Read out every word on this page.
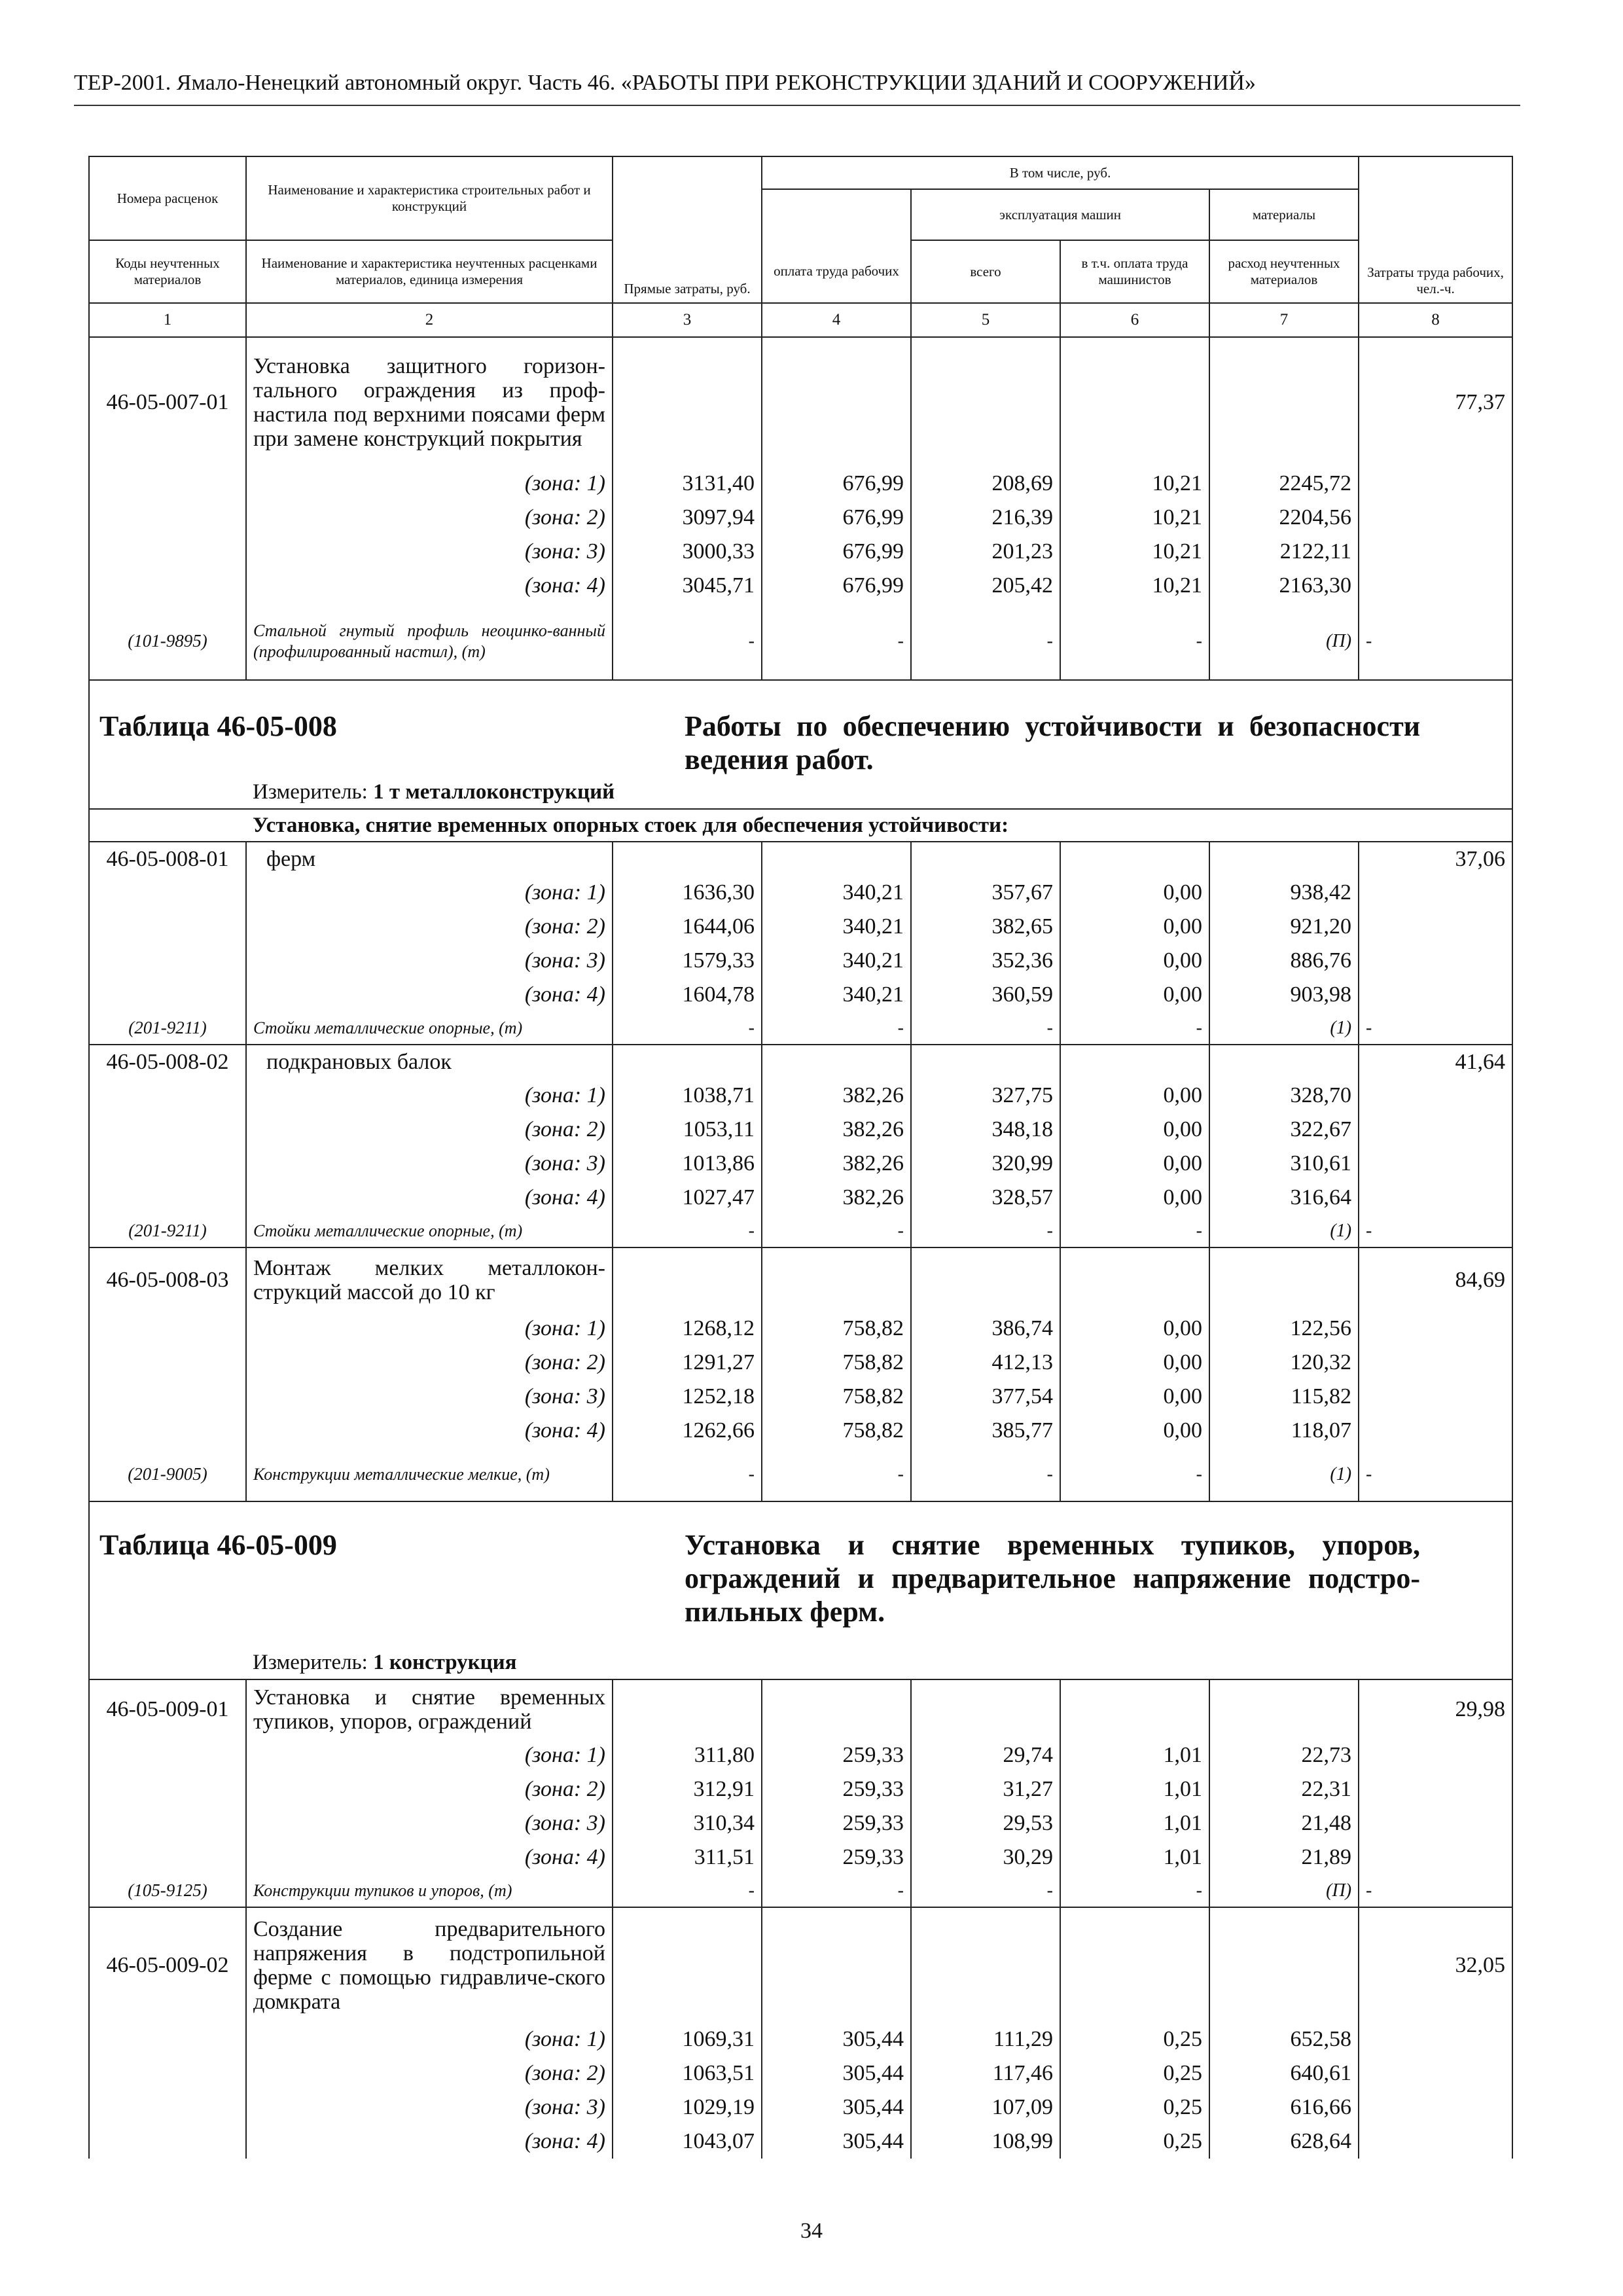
ТЕР-2001. Ямало-Ненецкий автономный округ. Часть 46. «РАБОТЫ ПРИ РЕКОНСТРУКЦИИ ЗДАНИЙ И СООРУЖЕНИЙ»
Номера расценок	Наименование и характеристика строительных работ и конструкций	Прямые затраты, руб.	В том числе, руб.				Затраты труда рабочих, чел.-ч.
				эксплуатация машин		материалы	
Коды неучтенных материалов	Наименование и характеристика неучтенных расценками материалов, единица измерения		оплата труда рабочих	всего	в т.ч. оплата труда машинистов	расход неучтенных материалов	
1	2	3	4	5	6	7	8
46-05-007-01	Установка защитного горизон-тального ограждения из проф-настила под верхними поясами ферм при замене конструкций покрытия						77,37
	(зона: 1)	3131,40	676,99	208,69	10,21	2245,72	
	(зона: 2)	3097,94	676,99	216,39	10,21	2204,56	
	(зона: 3)	3000,33	676,99	201,23	10,21	2122,11	
	(зона: 4)	3045,71	676,99	205,42	10,21	2163,30	
(101-9895)	Стальной гнутый профиль неоцинко-ванный (профилированный настил), (т)	-	-	-	-	(П)	-
Таблица 46-05-008		Работы по обеспечению устойчивости и безопасности ведения работ.					
	Измеритель: 1 т металлоконструкций						
	Установка, снятие временных опорных стоек для обеспечения устойчивости:						
46-05-008-01	ферм						37,06
	(зона: 1)	1636,30	340,21	357,67	0,00	938,42	
	(зона: 2)	1644,06	340,21	382,65	0,00	921,20	
	(зона: 3)	1579,33	340,21	352,36	0,00	886,76	
	(зона: 4)	1604,78	340,21	360,59	0,00	903,98	
(201-9211)	Стойки металлические опорные, (т)	-	-	-	-	(1)	-
46-05-008-02	подкрановых балок						41,64
	(зона: 1)	1038,71	382,26	327,75	0,00	328,70	
	(зона: 2)	1053,11	382,26	348,18	0,00	322,67	
	(зона: 3)	1013,86	382,26	320,99	0,00	310,61	
	(зона: 4)	1027,47	382,26	328,57	0,00	316,64	
(201-9211)	Стойки металлические опорные, (т)	-	-	-	-	(1)	-
46-05-008-03	Монтаж мелких металлокон-струкций массой до 10 кг						84,69
	(зона: 1)	1268,12	758,82	386,74	0,00	122,56	
	(зона: 2)	1291,27	758,82	412,13	0,00	120,32	
	(зона: 3)	1252,18	758,82	377,54	0,00	115,82	
	(зона: 4)	1262,66	758,82	385,77	0,00	118,07	
(201-9005)	Конструкции металлические мелкие, (т)	-	-	-	-	(1)	-
Таблица 46-05-009		Установка и снятие временных тупиков, упоров, ограждений и предварительное напряжение подстро-пильных ферм.					
	Измеритель: 1 конструкция						
46-05-009-01	Установка и снятие временных тупиков, упоров, ограждений						29,98
	(зона: 1)	311,80	259,33	29,74	1,01	22,73	
	(зона: 2)	312,91	259,33	31,27	1,01	22,31	
	(зона: 3)	310,34	259,33	29,53	1,01	21,48	
	(зона: 4)	311,51	259,33	30,29	1,01	21,89	
(105-9125)	Конструкции тупиков и упоров, (т)	-	-	-	-	(П)	-
46-05-009-02	Создание предварительного напряжения в подстропильной ферме с помощью гидравличе-ского домкрата						32,05
	(зона: 1)	1069,31	305,44	111,29	0,25	652,58	
	(зона: 2)	1063,51	305,44	117,46	0,25	640,61	
	(зона: 3)	1029,19	305,44	107,09	0,25	616,66	
	(зона: 4)	1043,07	305,44	108,99	0,25	628,64	
34
